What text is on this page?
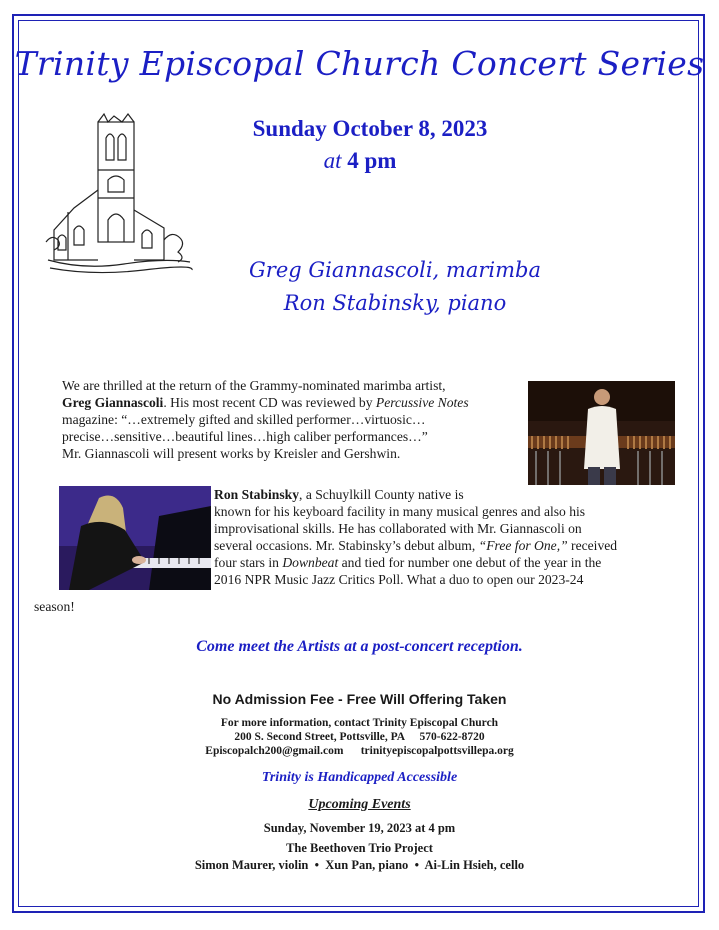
Trinity Episcopal Church Concert Series
Sunday October 8, 2023
at 4 pm
Greg Giannascoli, marimba
Ron Stabinsky, piano
We are thrilled at the return of the Grammy-nominated marimba artist,
Greg Giannascoli. His most recent CD was reviewed by Percussive Notes
magazine: “…extremely gifted and skilled performer…virtuosic…
precise…sensitive…beautiful lines…high caliber performances…”
Mr. Giannascoli will present works by Kreisler and Gershwin.
Ron Stabinsky, a Schuylkill County native is
known for his keyboard facility in many musical genres and also his
improvisational skills. He has collaborated with Mr. Giannascoli on
several occasions. Mr. Stabinsky’s debut album, “Free for One,” received
four stars in Downbeat and tied for number one debut of the year in the
2016 NPR Music Jazz Critics Poll. What a duo to open our 2023-24
season!
Come meet the Artists at a post-concert reception.
No Admission Fee - Free Will Offering Taken
For more information, contact Trinity Episcopal Church
200 S. Second Street, Pottsville, PA 570-622-8720
Episcopalch200@gmail.com trinityepiscopalpottsvillepa.org
Trinity is Handicapped Accessible
Upcoming Events
Sunday, November 19, 2023 at 4 pm
The Beethoven Trio Project
Simon Maurer, violin • Xun Pan, piano • Ai-Lin Hsieh, cello
